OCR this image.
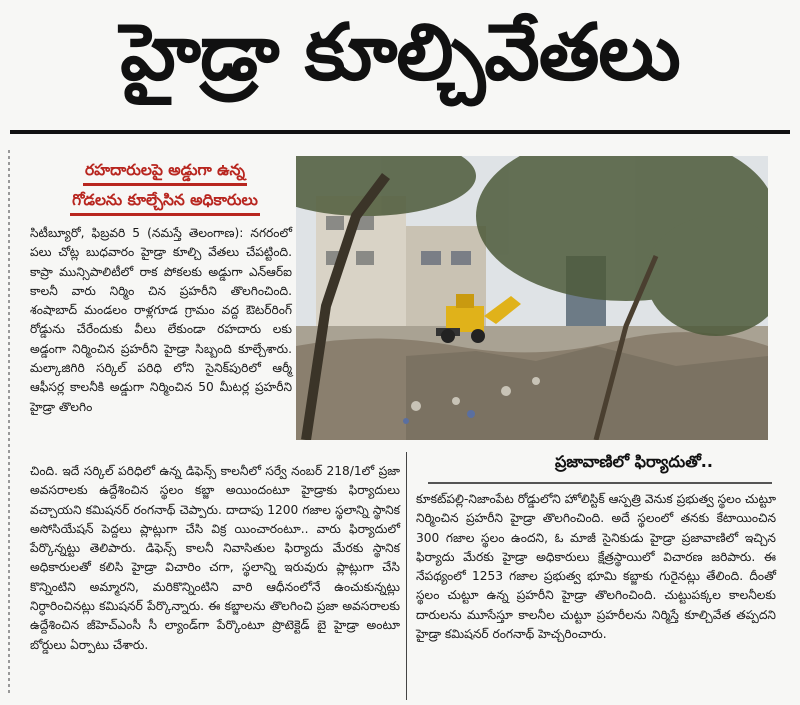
హైడ్రా కూల్చివేతలు
రహదారులపై అడ్డుగా ఉన్న
గోడలను కూల్చేసిన అధికారులు
సిటీబ్యూరో, ఫిబ్రవరి 5 (నమస్తే తెలంగాణ): నగరంలో పలు చోట్ల బుధవారం హైడ్రా కూల్చి వేతలు చేపట్టింది. కాప్రా మున్సిపాలిటీలో రాక పోకలకు అడ్డుగా ఎన్‌ఆర్‌ఐ కాలనీ వారు నిర్మిం చిన ప్రహరీని తొలగించింది. శంషాబాద్ మండలం రాళ్లగూడ గ్రామం వద్ద ఔటర్‌రింగ్ రోడ్డును చేరేందుకు వీలు లేకుండా రహదారు లకు అడ్డంగా నిర్మించిన ప్రహరీని హైడ్రా సిబ్బంది కూల్చేశారు. మల్కాజిగిరి సర్కిల్ పరిధి లోని సైనిక్‌పురిలో ఆర్మీ ఆఫీసర్ల కాలనీకి అడ్డుగా నిర్మించిన 50 మీటర్ల ప్రహరీని హైడ్రా తొలగిం
చింది. ఇదే సర్కిల్ పరిధిలో ఉన్న డిఫెన్స్ కాలనీలో సర్వే నంబర్ 218/1లో ప్రజా అవసరాలకు ఉద్దేశించిన స్థలం కబ్జా అయిందంటూ హైడ్రాకు ఫిర్యాదులు వచ్చాయని కమిషనర్ రంగనాథ్ చెప్పారు. దాదాపు 1200 గజాల స్థలాన్ని స్థానిక అసోసియేషన్ పెద్దలు ప్లాట్లుగా చేసి విక్ర యించారంటూ.. వారు ఫిర్యాదులో పేర్కొన్నట్టు తెలిపారు. డిఫెన్స్ కాలనీ నివాసితుల ఫిర్యాదు మేరకు స్థానిక అధికారులతో కలిసి హైడ్రా విచారిం చగా, స్థలాన్ని ఇరువురు ప్లాట్లుగా చేసి కొన్నింటిని అమ్మారని, మరికొన్నింటిని వారి ఆధీనంలోనే ఉంచుకున్నట్లు నిర్ధారించినట్లు కమిషనర్ పేర్కొన్నారు. ఈ కబ్జాలను తొలగించి ప్రజా అవసరాలకు ఉద్దేశించిన జీహెచ్ఎంసీ సీ ల్యాండ్‌గా పేర్కొంటూ ప్రొటెక్టెడ్ బై హైడ్రా అంటూ బోర్డులు ఏర్పాటు చేశారు.
ప్రజావాణిలో ఫిర్యాదుతో..
కూకట్‌పల్లి-నిజాంపేట రోడ్డులోని హోలిస్టిక్ ఆస్పత్రి వెనుక ప్రభుత్వ స్థలం చుట్టూ నిర్మించిన ప్రహరీని హైడ్రా తొలగించింది. అదే స్థలంలో తనకు కేటాయించిన 300 గజాల స్థలం ఉందని, ఓ మాజీ సైనికుడు హైడ్రా ప్రజావాణిలో ఇచ్చిన ఫిర్యాదు మేరకు హైడ్రా అధికారులు క్షేత్రస్థాయిలో విచారణ జరిపారు. ఈ నేపథ్యంలో 1253 గజాల ప్రభుత్వ భూమి కబ్జాకు గురైనట్లు తేలింది. దీంతో స్థలం చుట్టూ ఉన్న ప్రహరీని హైడ్రా తొలగించింది. చుట్టుపక్కల కాలనీలకు దారులను మూసేస్తూ కాలనీల చుట్టూ ప్రహరీలను నిర్మిస్తే కూల్చివేత తప్పదని హైడ్రా కమిషనర్ రంగనాథ్ హెచ్చరించారు.
